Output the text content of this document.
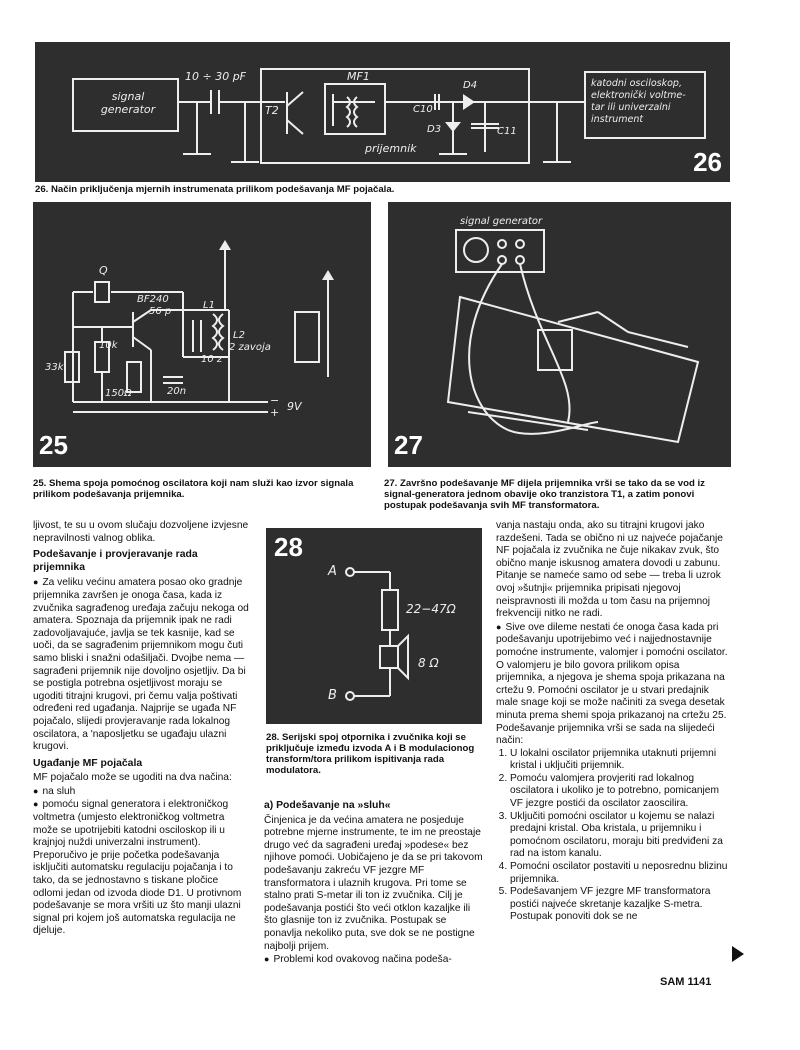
signal generator
10 ÷ 30 pF
T2
MF1
prijemnik
C10
D3
D4
C11
katodni osciloskop,
elektronički voltme-
tar ili univerzalni
instrument
26
26. Način priključenja mjernih instrumenata prilikom podešavanja MF pojačala.
Q
BF240
56 p
L1
L2
2 zavoja
10k
33k
20n
150Ω
10 z
−
+ 9V
25
25. Shema spoja pomoćnog oscilatora koji nam služi kao izvor signala prilikom podešavanja prijemnika.
signal generator
27
27. Završno podešavanje MF dijela prijemnika vrši se tako da se vod iz signal-generatora jednom obavije oko tranzistora T1, a zatim ponovi postupak podešavanja svih MF transformatora.

ljivost, te su u ovom slučaju dozvoljene izvjesne nepravilnosti valnog oblika.

Podešavanje i provjeravanje rada prijemnika

● Za veliku većinu amatera posao oko gradnje prijemnika završen je onoga časa, kada iz zvučnika sagrađenog uređaja začuju nekoga od amatera. Spoznaja da prijemnik ipak ne radi zadovoljavajuće, javlja se tek kasnije, kad se uoči, da se sagrađenim prijemnikom mogu čuti samo bliski i snažni odašiljači. Dvojbe nema — sagrađeni prijemnik nije dovoljno osjetljiv. Da bi se postigla potrebna osjetljivost moraju se ugoditi titrajni krugovi, pri čemu valja poštivati određeni red ugađanja. Najprije se ugađa NF pojačalo, slijedi provjeravanje rada lokalnog oscilatora, a 'naposljetku se ugađaju ulazni krugovi.

Ugađanje MF pojačala

MF pojačalo može se ugoditi na dva načina:

● na sluh

● pomoću signal generatora i elektroničkog voltmetra (umjesto elektroničkog voltmetra može se upotrijebiti katodni osciloskop ili u krajnjoj nuždi univerzalni instrument).

Preporučivo je prije početka podešavanja isključiti automatsku regulaciju pojačanja i to tako, da se jednostavno s tiskane pločice odlomi jedan od izvoda diode D1. U protivnom podešavanje se mora vršiti uz što manji ulazni signal pri kojem još automatska regulacija ne djeluje.

A
B
22−47Ω
8 Ω
28
28. Serijski spoj otpornika i zvučnika koji se priključuje između izvoda A i B modulacionog transform/tora prilikom ispitivanja rada modulatora.
a) Podešavanje na »sluh«

Činjenica je da većina amatera ne posjeduje potrebne mjerne instrumente, te im ne preostaje drugo već da sagrađeni uređaj »podese« bez njihove pomoći. Uobičajeno je da se pri takovom podešavanju zakreću VF jezgre MF transformatora i ulaznih krugova. Pri tome se stalno prati S-metar ili ton iz zvučnika. Cilj je podešavanja postići što veći otklon kazaljke ili što glasnije ton iz zvučnika. Postupak se ponavlja nekoliko puta, sve dok se ne postigne najbolji prijem.

● Problemi kod ovakovog načina podeša-

vanja nastaju onda, ako su titrajni krugovi jako razdešeni. Tada se obično ni uz najveće pojačanje NF pojačala iz zvučnika ne čuje nikakav zvuk, što obično manje iskusnog amatera dovodi u zabunu. Pitanje se nameće samo od sebe — treba li uzrok ovoj »šutnji« prijemnika pripisati njegovoj neispravnosti ili možda u tom času na prijemnoj frekvenciji nitko ne radi.

● Sive ove dileme nestati će onoga časa kada pri podešavanju upotrijebimo već i najjednostavnije pomoćne instrumente, valomjer i pomoćni oscilator. O valomjeru je bilo govora prilikom opisa prijemnika, a njegova je shema spoja prikazana na crtežu 9. Pomoćni oscilator je u stvari predajnik male snage koji se može načiniti za svega desetak minuta prema shemi spoja prikazanoj na crtežu 25. Podešavanje prijemnika vrši se sada na slijedeći način:

1. U lokalni oscilator prijemnika utaknuti prijemni kristal i uključiti prijemnik.
2. Pomoću valomjera provjeriti rad lokalnog oscilatora i ukoliko je to potrebno, pomicanjem VF jezgre postići da oscilator zaoscilira.
3. Uključiti pomoćni oscilator u kojemu se nalazi predajni kristal. Oba kristala, u prijemniku i pomoćnom oscilatoru, moraju biti predviđeni za rad na istom kanalu.
4. Pomoćni oscilator postaviti u neposrednu blizinu prijemnika.
5. Podešavanjem VF jezgre MF transformatora postići najveće skretanje kazaljke S-metra. Postupak ponoviti dok se ne
SAM 1141
